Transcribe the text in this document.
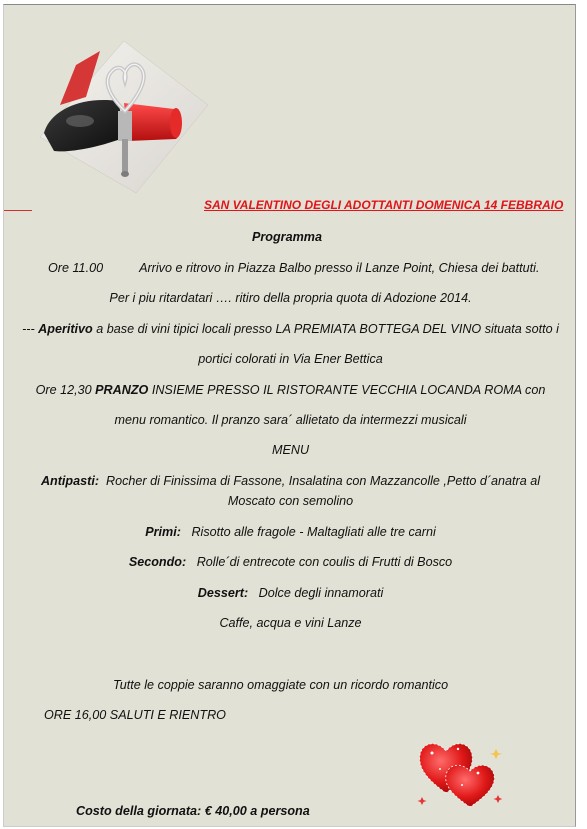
SAN VALENTINO DEGLI ADOTTANTI DOMENICA 14 FEBBRAIO
Programma
Ore 11.00	Arrivo e ritrovo in Piazza Balbo presso il Lanze Point, Chiesa dei battuti.
Per i piu ritardatari …. ritiro della propria quota di Adozione 2014.
--- Aperitivo a base di vini tipici locali presso LA PREMIATA BOTTEGA DEL VINO situata sotto i
portici colorati in Via Ener Bettica
Ore 12,30 PRANZO INSIEME PRESSO IL RISTORANTE VECCHIA LOCANDA ROMA con
menu romantico. Il pranzo sara´ allietato da intermezzi musicali
MENU
Antipasti: Rocher di Finissima di Fassone, Insalatina con Mazzancolle ,Petto d´anatra al
Moscato con semolino
Primi: Risotto alle fragole - Maltagliati alle tre carni
Secondo: Rolle´di entrecote con coulis di Frutti di Bosco
Dessert: Dolce degli innamorati
Caffe, acqua e vini Lanze
Tutte le coppie saranno omaggiate con un ricordo romantico
ORE 16,00 SALUTI E RIENTRO
Costo della giornata: € 40,00 a persona
